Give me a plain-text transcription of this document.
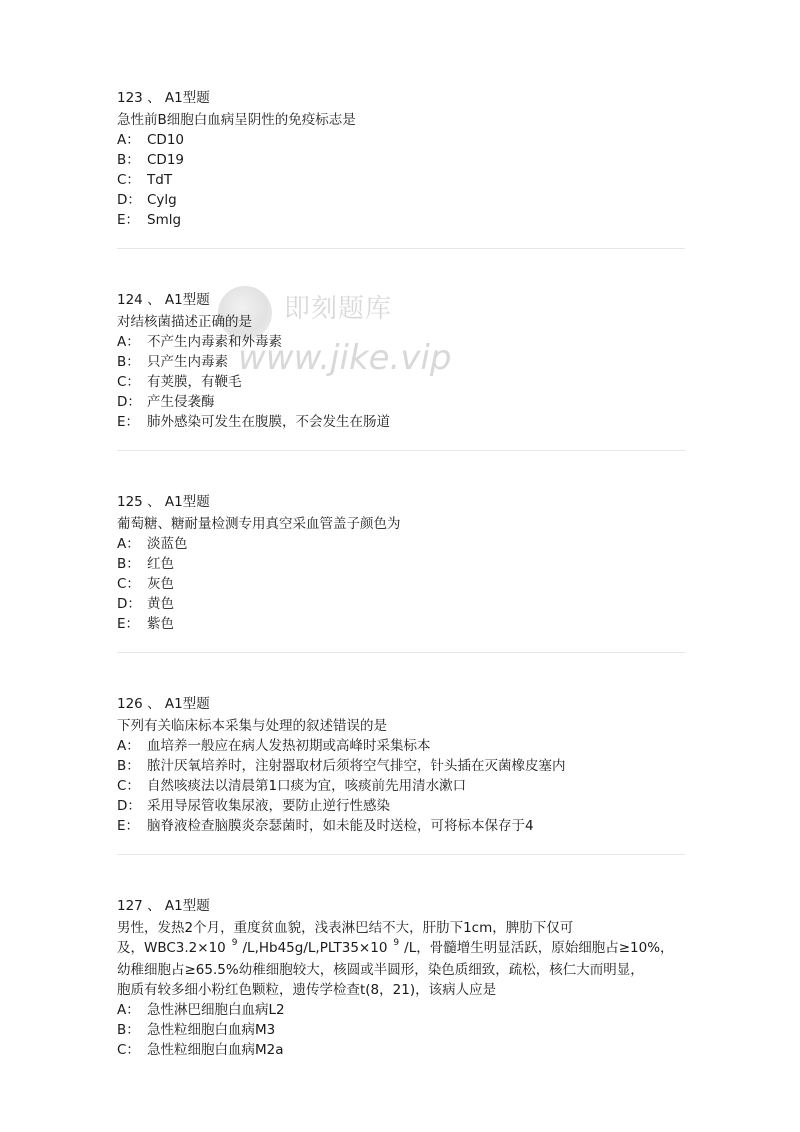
即刻题库
www.jike.vip
123 、 A1型题
急性前B细胞白血病呈阴性的免疫标志是
A： CD10
B： CD19
C： TdT
D： Cylg
E： Smlg
124 、 A1型题
对结核菌描述正确的是
A： 不产生内毒素和外毒素
B： 只产生内毒素
C： 有荚膜，有鞭毛
D： 产生侵袭酶
E： 肺外感染可发生在腹膜，不会发生在肠道
125 、 A1型题
葡萄糖、糖耐量检测专用真空采血管盖子颜色为
A： 淡蓝色
B： 红色
C： 灰色
D： 黄色
E： 紫色
126 、 A1型题
下列有关临床标本采集与处理的叙述错误的是
A： 血培养一般应在病人发热初期或高峰时采集标本
B： 脓汁厌氧培养时，注射器取材后须将空气排空，针头插在灭菌橡皮塞内
C： 自然咳痰法以清晨第1口痰为宜，咳痰前先用清水漱口
D： 采用导尿管收集尿液，要防止逆行性感染
E： 脑脊液检查脑膜炎奈瑟菌时，如未能及时送检，可将标本保存于4
127 、 A1型题
男性，发热2个月，重度贫血貌，浅表淋巴结不大，肝肋下1cm，脾肋下仅可
及，WBC3.2×10 $^9$ /L,Hb45g/L,PLT35×10 $^9$ /L，骨髓增生明显活跃，原始细胞占≥10%，
幼稚细胞占≥65.5%幼稚细胞较大，核圆或半圆形，染色质细致，疏松，核仁大而明显，
胞质有较多细小粉红色颗粒，遗传学检查t(8，21)，该病人应是
A： 急性淋巴细胞白血病L2
B： 急性粒细胞白血病M3
C： 急性粒细胞白血病M2a
